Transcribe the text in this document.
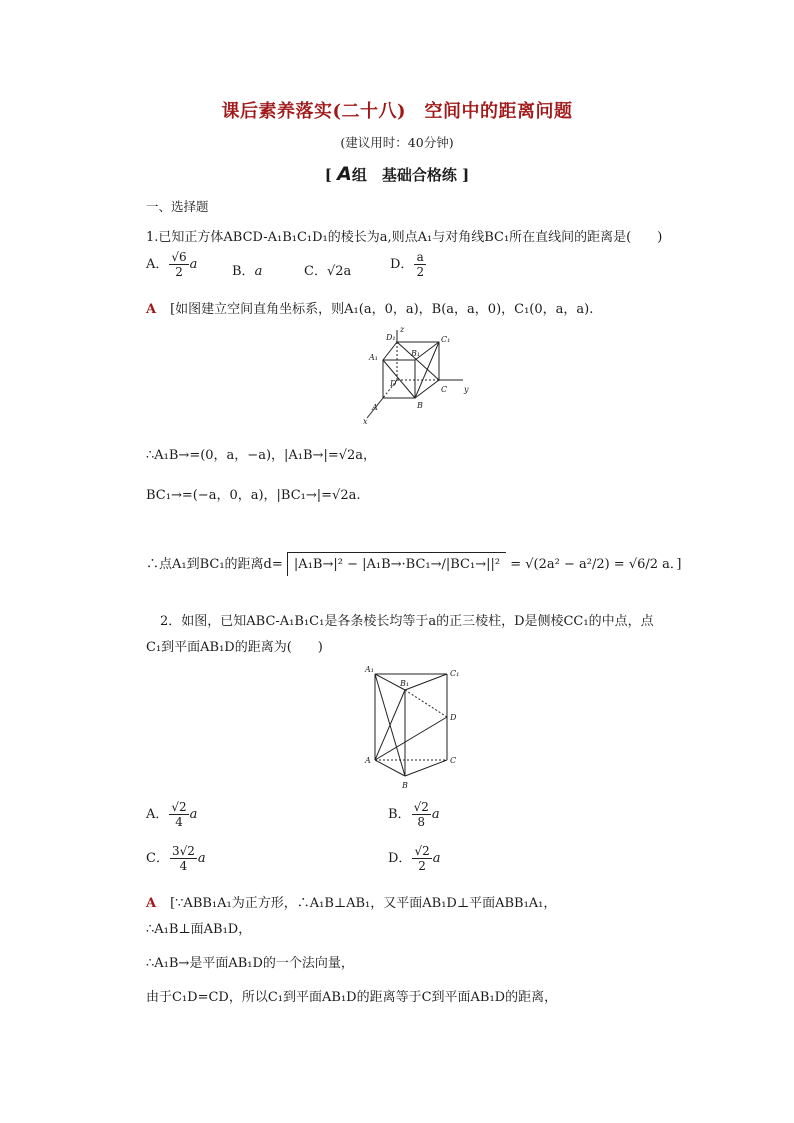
课后素养落实(二十八)　空间中的距离问题
(建议用时：40分钟)
[ A组　基础合格练 ]
一、选择题
1.已知正方体ABCD-A₁B₁C₁D₁的棱长为a,则点A₁与对角线BC₁所在直线间的距离是(　　)
A． $\frac{√6}{2}$ a	B．a	C．√2a	D． $\frac{a}{2}$
A [如图建立空间直角坐标系，则A₁(a，0，a)，B(a，a，0)，C₁(0，a，a).
D₁
z
C₁
A₁	B₁
D
C y
A	B
x
∴A₁B→=(0，a，−a)，|A₁B→|=√2a，
BC₁→=(−a，0，a)，|BC₁→|=√2a.
∴点A₁到BC₁的距离d= |A₁B→|² − |A₁B→·BC₁→/|BC₁→||² = √(2a² − a²/2) = √6/2 a．]
2．如图，已知ABC-A₁B₁C₁是各条棱长均等于a的正三棱柱，D是侧棱CC₁的中点，点
C₁到平面AB₁D的距离为(　　)
A₁	C₁
B₁
D
A	C
B
A． $\frac{√2}{4}$ a	B． $\frac{√2}{8}$ a
C． $\frac{3√2}{4}$ a	D． $\frac{√2}{2}$ a
A [∵ABB₁A₁为正方形，∴A₁B⊥AB₁，又平面AB₁D⊥平面ABB₁A₁，
∴A₁B⊥面AB₁D，
∴A₁B→是平面AB₁D的一个法向量，
由于C₁D=CD，所以C₁到平面AB₁D的距离等于C到平面AB₁D的距离，
